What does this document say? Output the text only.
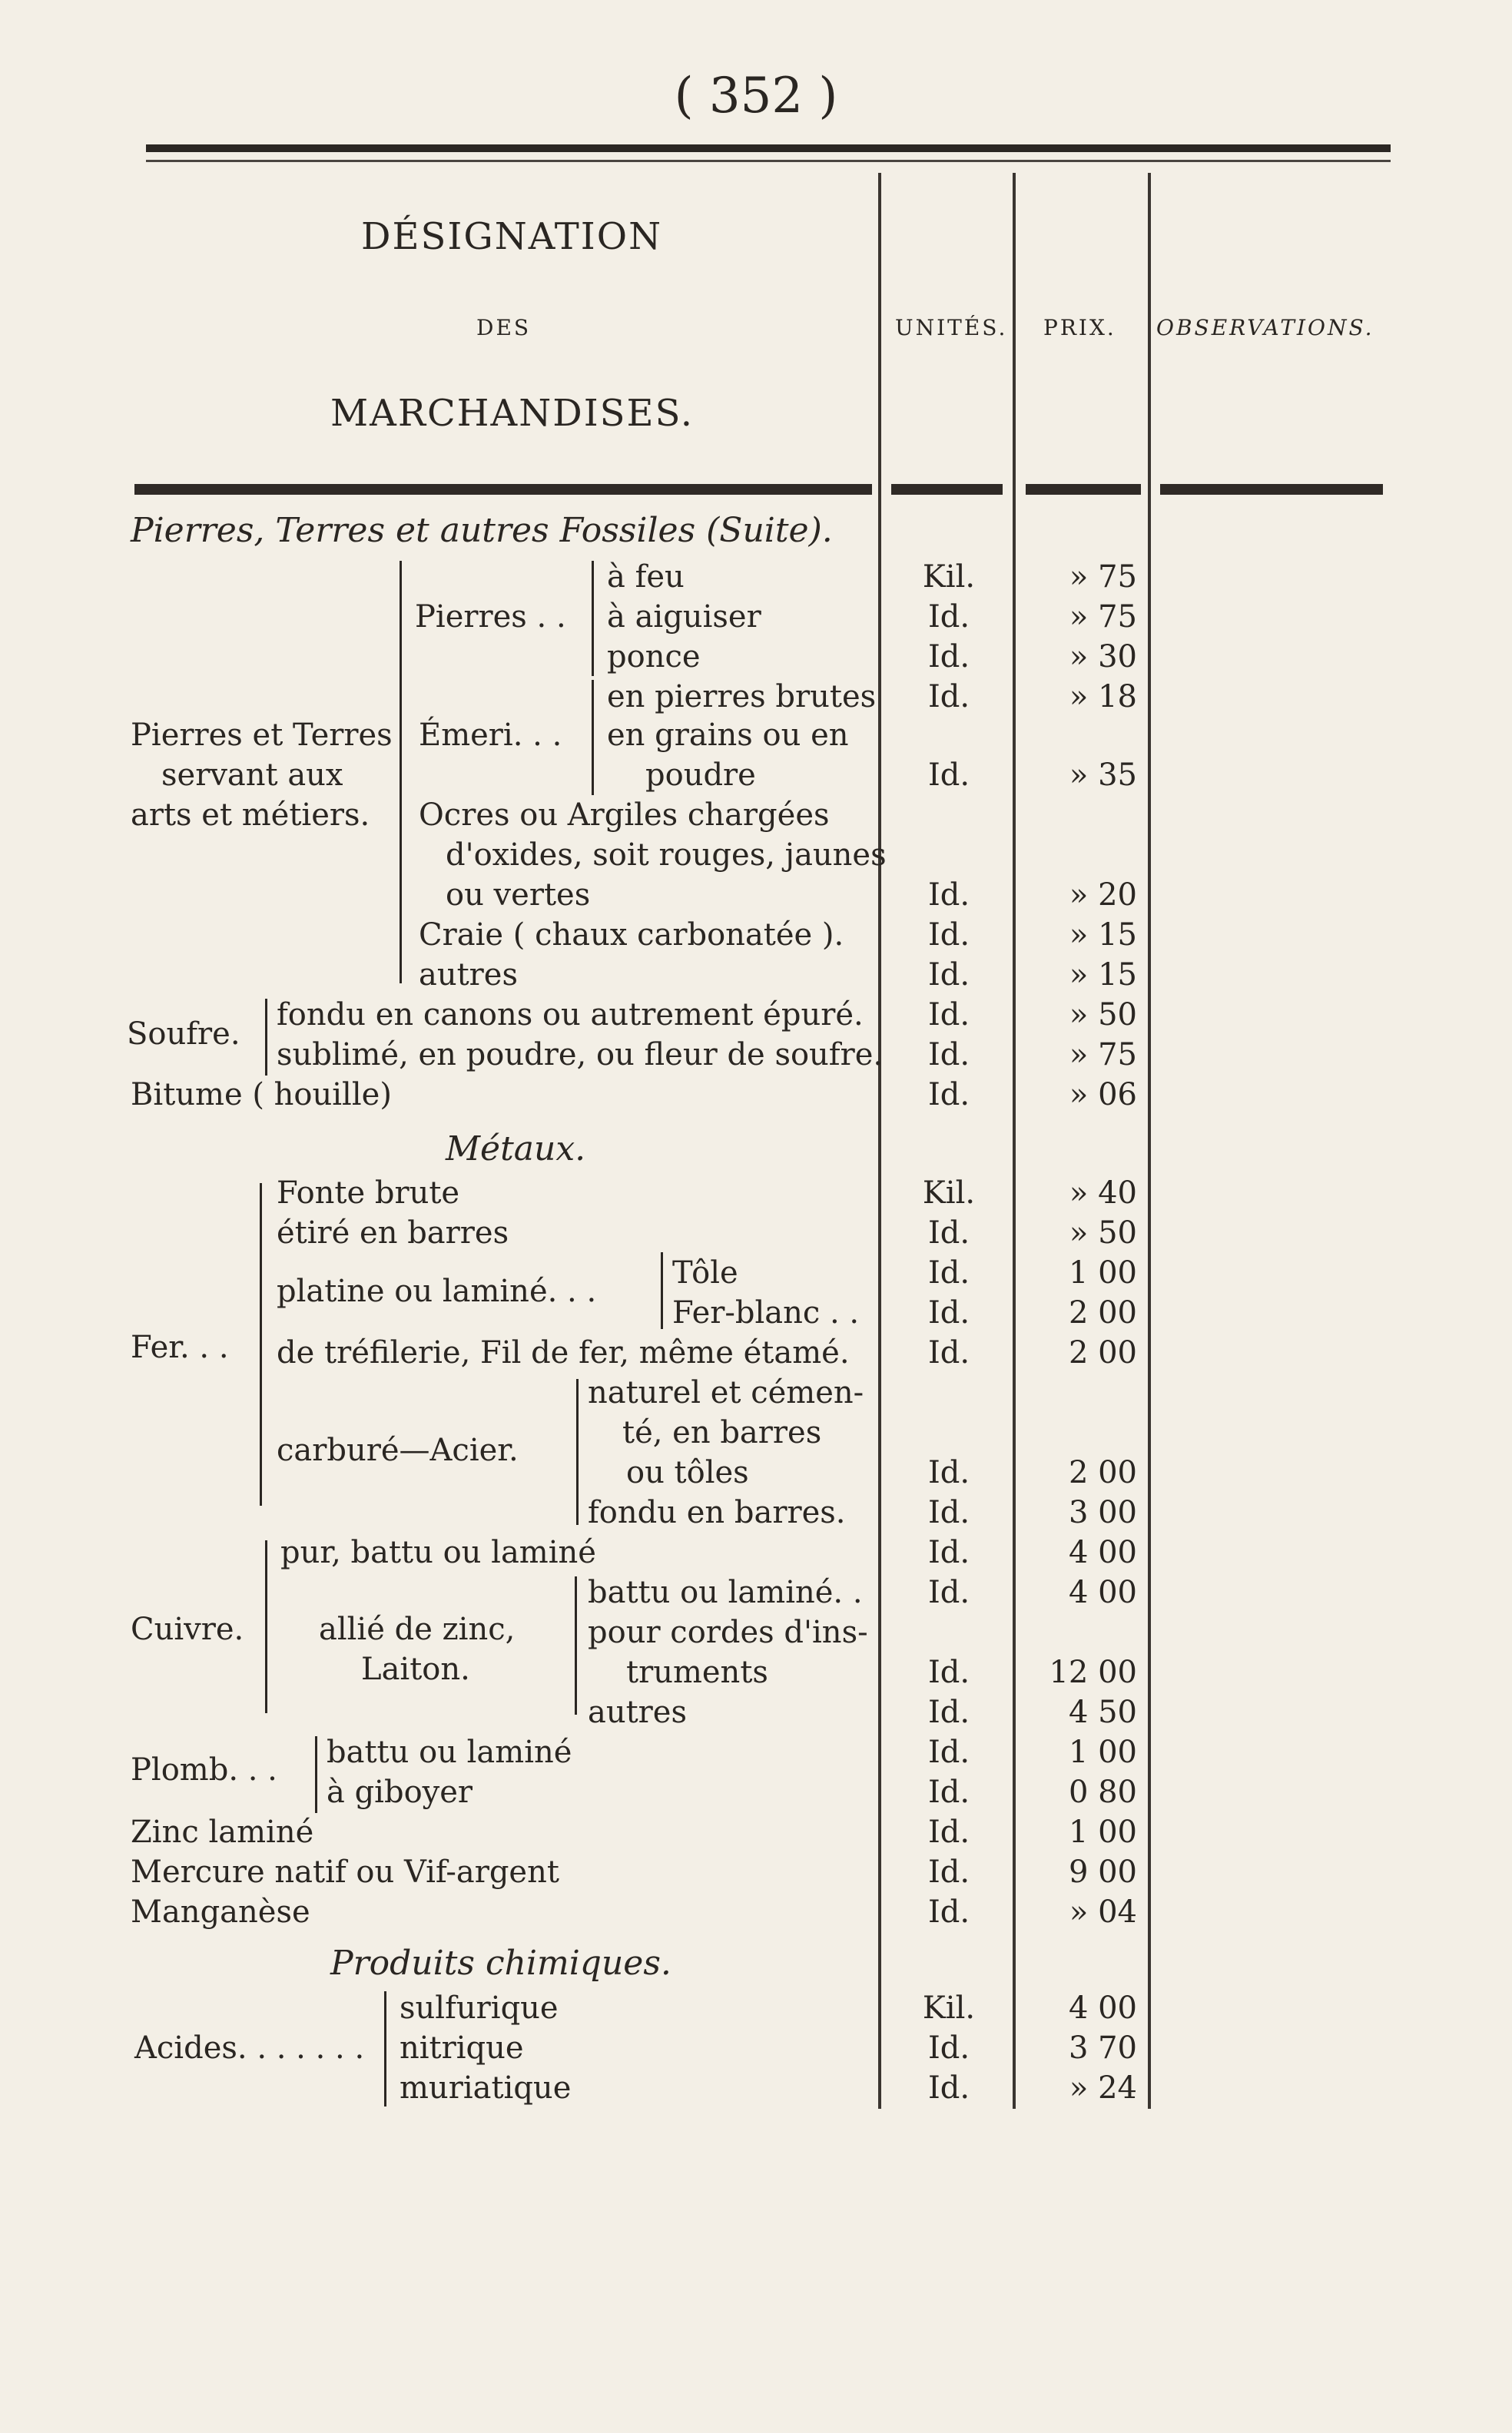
( 352 )
DÉSIGNATION
DES
MARCHANDISES.
UNITÉS. PRIX. OBSERVATIONS.
Pierres, Terres et autres Fossiles (Suite).
Pierres et Terres
servant aux
arts et métiers.
Pierres . .
Émeri. . .
à feu
à aiguiser
ponce
en pierres brutes
en grains ou en
poudre
Ocres ou Argiles chargées
d'oxides, soit rouges, jaunes
ou vertes
Craie ( chaux carbonatée ).
autres
Soufre.
fondu en canons ou autrement épuré.
sublimé, en poudre, ou fleur de soufre.
Bitume ( houille)
Métaux.
Fer. . .
Fonte brute
étiré en barres
platine ou laminé. . .
Tôle
Fer-blanc . .
de tréfilerie, Fil de fer, même étamé.
carburé—Acier.
naturel et cémen-
té, en barres
ou tôles
fondu en barres.
Cuivre.
pur, battu ou laminé
allié de zinc,
Laiton.
battu ou laminé. .
pour cordes d'ins-
truments
autres
Plomb. . . battu ou laminé
à giboyer
Zinc laminé
Mercure natif ou Vif-argent
Manganèse
Produits chimiques.
Acides. . . . . . .
sulfurique
nitrique
muriatique
Kil.
Id.
Id.
Id.
Id.
Id.
Id.
Id.
Id.
Id.
Id.
Kil.
Id.
Id.
Id.
Id.
Id.
Id.
Id.
Id.
Id.
Id.
Id.
Id.
Id.
Id.
Id.
Kil.
Id.
Id.
» 75
» 75
» 30
» 18
» 35
» 20
» 15
» 15
» 50
» 75
» 06
» 40
» 50
1 00
2 00
2 00
2 00
3 00
4 00
4 00
12 00
4 50
1 00
0 80
1 00
9 00
» 04
4 00
3 70
» 24
